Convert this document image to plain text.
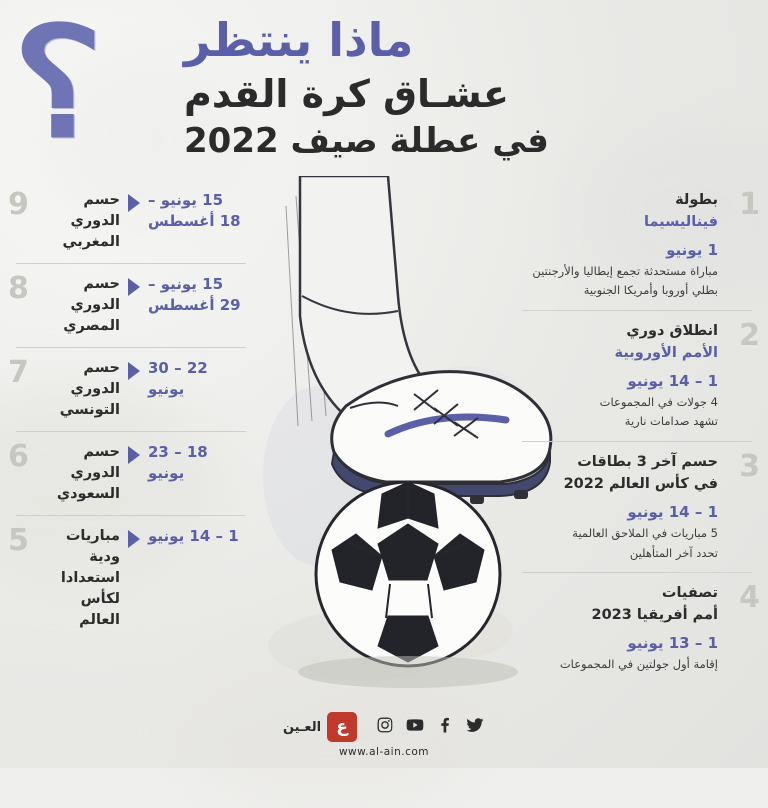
؟ ماذا ينتظر
عشـاق كرة القدم
في عطلة صيف 2022
1
بطولة
فيناليسيما
1 يونيو
مباراة مستحدثة تجمع إيطاليا والأرجنتين
بطلي أوروبا وأمريكا الجنوبية
2
انطلاق دوري
الأمم الأوروبية
1 – 14 يونيو
4 جولات في المجموعات
تشهد صدامات نارية
3
حسم آخر 3 بطاقات
في كأس العالم 2022
1 – 14 يونيو
5 مباريات في الملاحق العالمية
تحدد آخر المتأهلين
4
تصفيات
أمم أفريقيا 2023
1 – 13 يونيو
إقامة أول جولتين في المجموعات
9	15 يونيو –
18 أغسطس
حسم الدوري
المغربي
8	15 يونيو –
29 أغسطس
حسم الدوري
المصري
7	22 – 30 يونيو
حسم الدوري
التونسي
6	18 – 23 يونيو
حسم الدوري
السعودي
5	1 – 14 يونيو
مباريات ودية
استعدادا لكأس
العالم
ع
العـين
www.al-ain.com
